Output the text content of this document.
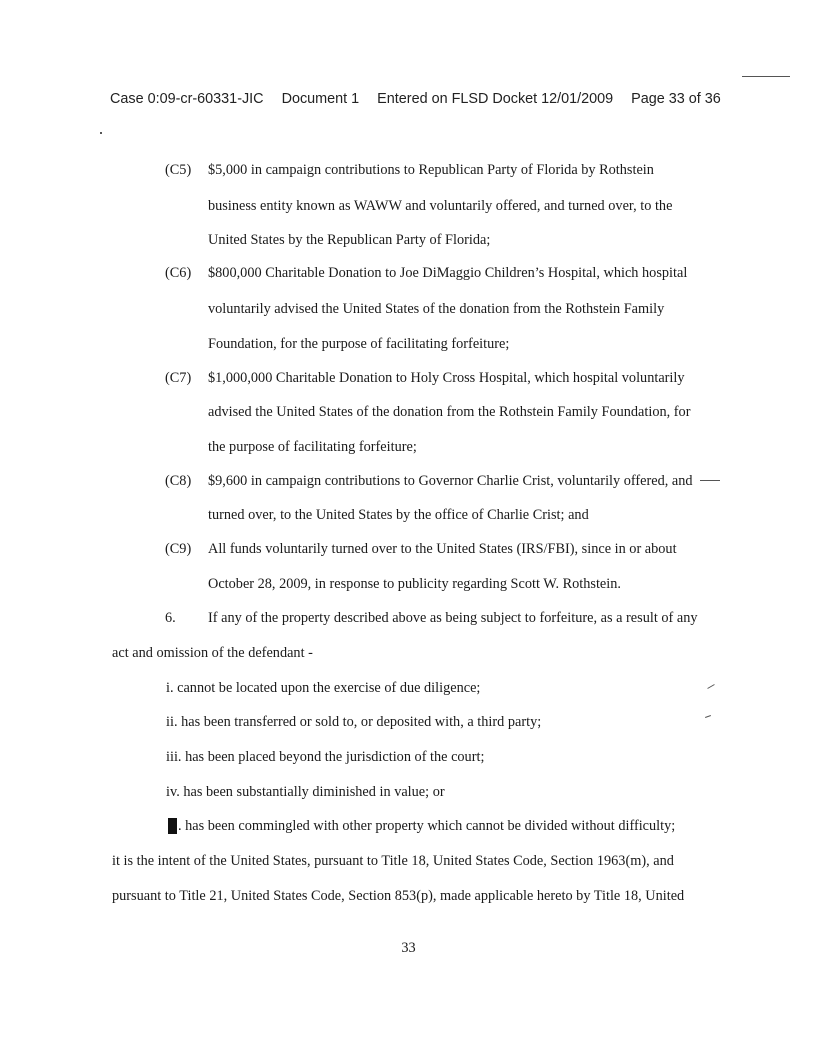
Case 0:09-cr-60331-JIC Document 1 Entered on FLSD Docket 12/01/2009 Page 33 of 36
(C5) $5,000 in campaign contributions to Republican Party of Florida by Rothstein
business entity known as WAWW and voluntarily offered, and turned over, to the
United States by the Republican Party of Florida;
(C6) $800,000 Charitable Donation to Joe DiMaggio Children’s Hospital, which hospital
voluntarily advised the United States of the donation from the Rothstein Family
Foundation, for the purpose of facilitating forfeiture;
(C7) $1,000,000 Charitable Donation to Holy Cross Hospital, which hospital voluntarily
advised the United States of the donation from the Rothstein Family Foundation, for
the purpose of facilitating forfeiture;
(C8) $9,600 in campaign contributions to Governor Charlie Crist, voluntarily offered, and
turned over, to the United States by the office of Charlie Crist; and
(C9) All funds voluntarily turned over to the United States (IRS/FBI), since in or about
October 28, 2009, in response to publicity regarding Scott W. Rothstein.
6. If any of the property described above as being subject to forfeiture, as a result of any
act and omission of the defendant -
i. cannot be located upon the exercise of due diligence;
ii. has been transferred or sold to, or deposited with, a third party;
iii. has been placed beyond the jurisdiction of the court;
iv. has been substantially diminished in value; or
. has been commingled with other property which cannot be divided without difficulty;
it is the intent of the United States, pursuant to Title 18, United States Code, Section 1963(m), and
pursuant to Title 21, United States Code, Section 853(p), made applicable hereto by Title 18, United
33
